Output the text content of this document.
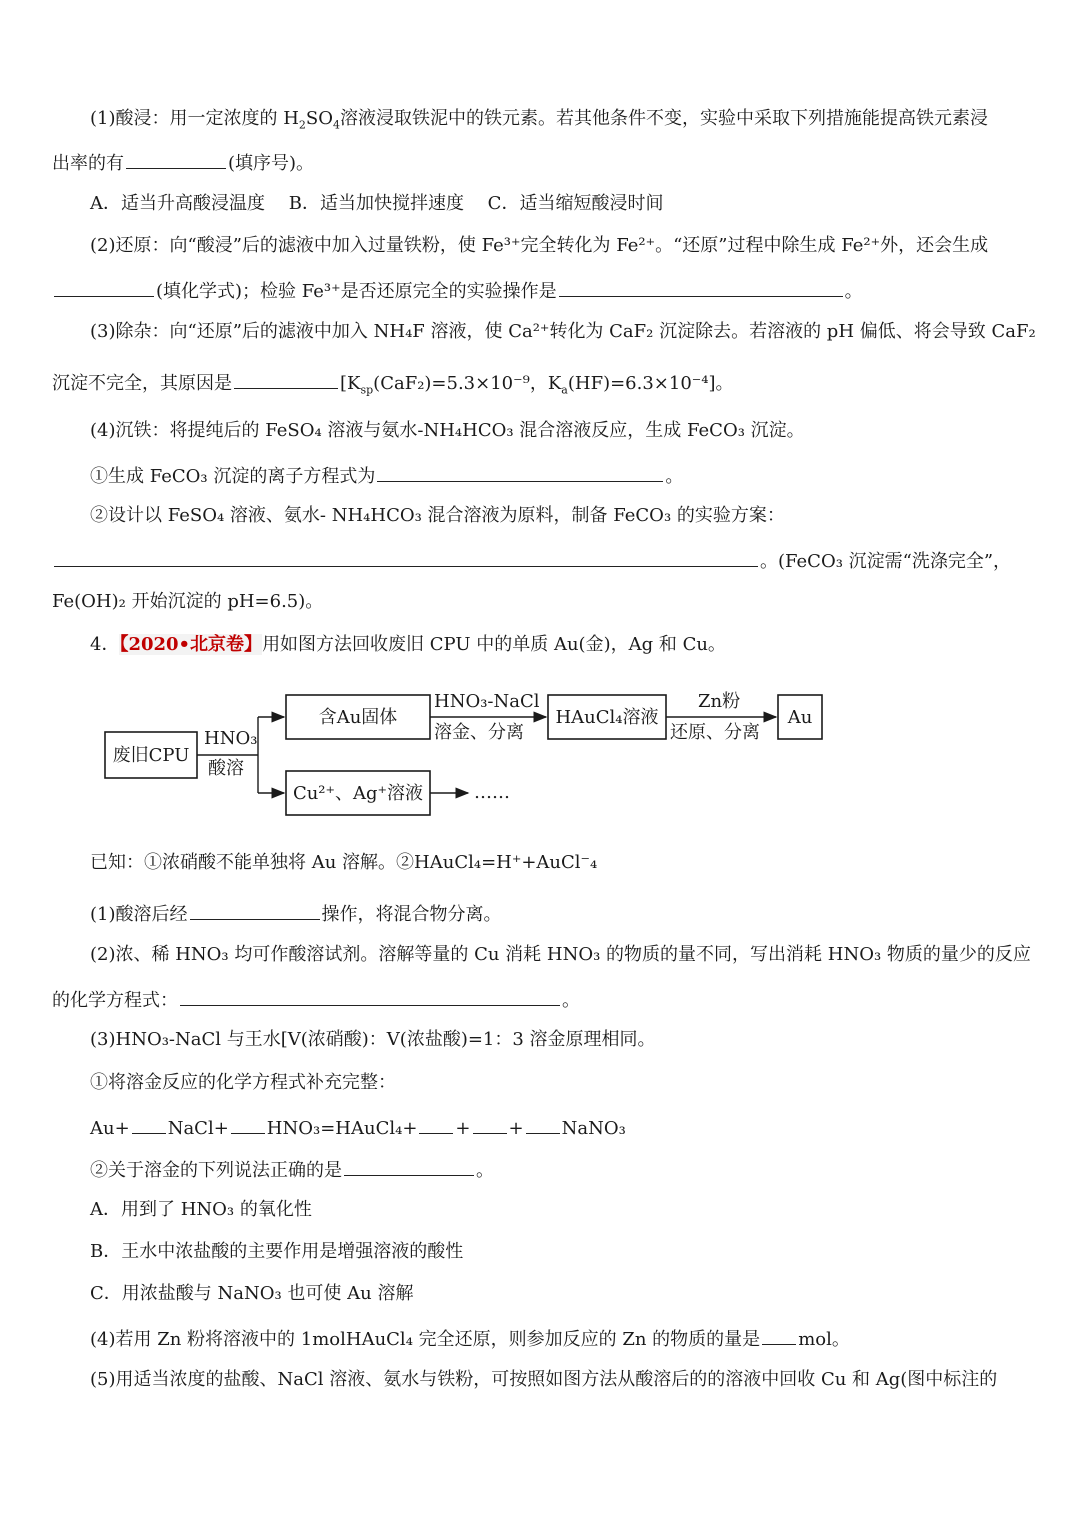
(1)酸浸：用一定浓度的 $H_2SO_4$溶液浸取铁泥中的铁元素。若其他条件不变，实验中采取下列措施能提高铁元素浸
出率的有	(填序号)。
A．适当升高酸浸温度　 B．适当加快搅拌速度　 C．适当缩短酸浸时间
(2)还原：向“酸浸”后的滤液中加入过量铁粉，使 Fe³⁺完全转化为 Fe²⁺。“还原”过程中除生成 Fe²⁺外，还会生成
(填化学式)；检验 Fe³⁺是否还原完全的实验操作是	。
(3)除杂：向“还原”后的滤液中加入 NH₄F 溶液，使 Ca²⁺转化为 CaF₂ 沉淀除去。若溶液的 pH 偏低、将会导致 CaF₂
沉淀不完全，其原因是	[$K_{sp}(CaF_2)=5.3\times 10^{-9}$，$K_a(HF)=6.3\times 10^{-4}$]。
(4)沉铁：将提纯后的 FeSO₄ 溶液与氨水-NH₄HCO₃ 混合溶液反应，生成 FeCO₃ 沉淀。
①生成 FeCO₃ 沉淀的离子方程式为	。
②设计以 FeSO₄ 溶液、氨水- NH₄HCO₃ 混合溶液为原料，制备 FeCO₃ 的实验方案：
。(FeCO₃ 沉淀需“洗涤完全”，
Fe(OH)₂ 开始沉淀的 pH=6.5)。
4．【2020•北京卷】用如图方法回收废旧 CPU 中的单质 Au(金)，Ag 和 Cu。
废旧CPU
HNO₃
酸溶
含Au固体
HNO₃-NaCl
溶金、分离
HAuCl₄溶液
Zn粉
还原、分离
Au
Cu²⁺、Ag⁺溶液	……
已知：①浓硝酸不能单独将 Au 溶解。②HAuCl₄=H⁺+AuCl⁻₄
(1)酸溶后经	操作，将混合物分离。
(2)浓、稀 HNO₃ 均可作酸溶试剂。溶解等量的 Cu 消耗 HNO₃ 的物质的量不同，写出消耗 HNO₃ 物质的量少的反应
的化学方程式：	。
(3)HNO₃-NaCl 与王水[V(浓硝酸)：V(浓盐酸)=1：3 溶金原理相同。
①将溶金反应的化学方程式补充完整：
Au+ NaCl+ HNO₃=HAuCl₄+ + + NaNO₃
②关于溶金的下列说法正确的是	。
A．用到了 HNO₃ 的氧化性
B．王水中浓盐酸的主要作用是增强溶液的酸性
C．用浓盐酸与 NaNO₃ 也可使 Au 溶解
(4)若用 Zn 粉将溶液中的 1molHAuCl₄ 完全还原，则参加反应的 Zn 的物质的量是 mol。
(5)用适当浓度的盐酸、NaCl 溶液、氨水与铁粉，可按照如图方法从酸溶后的的溶液中回收 Cu 和 Ag(图中标注的
